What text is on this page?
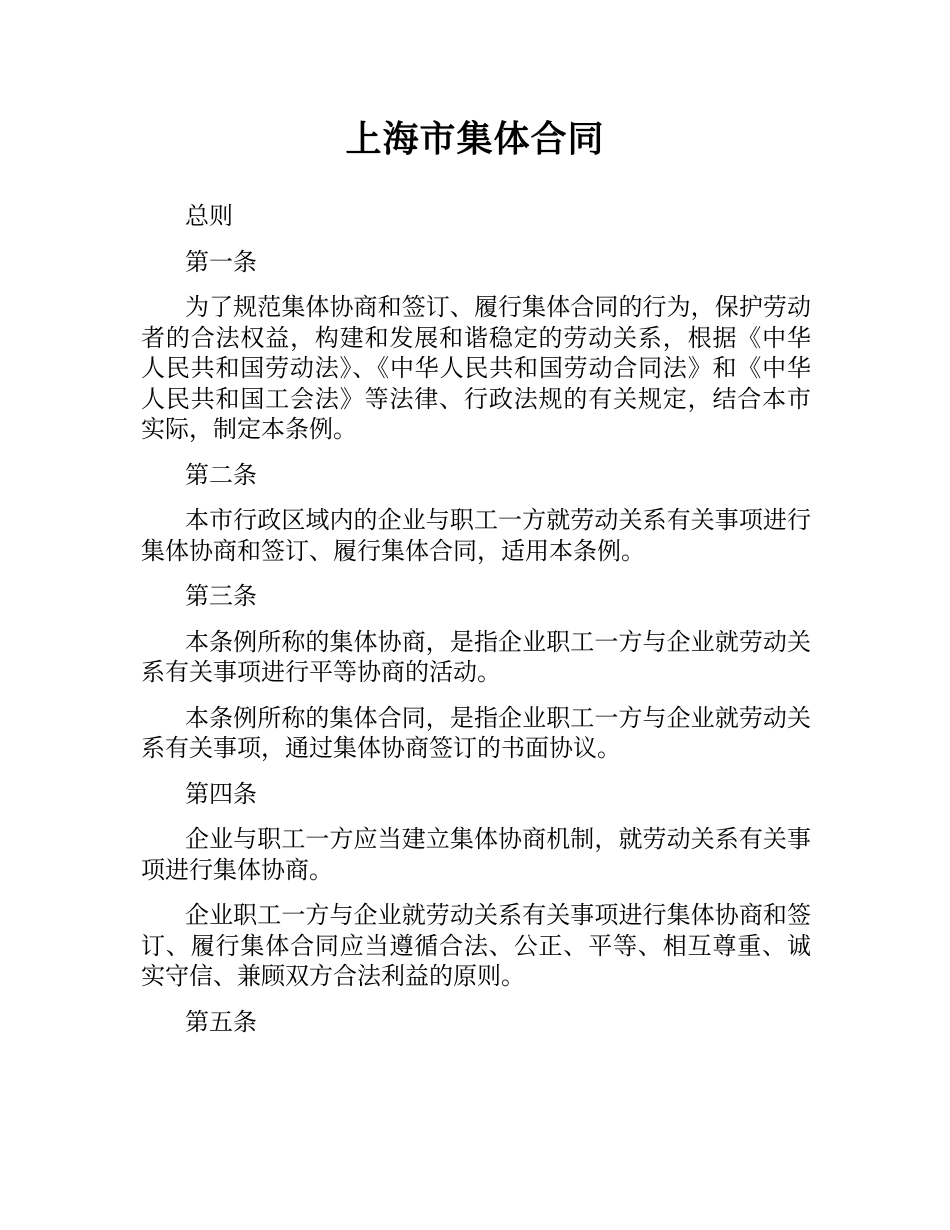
上海市集体合同

总则

第一条

为了规范集体协商和签订、履行集体合同的行为，保护劳动者的合法权益，构建和发展和谐稳定的劳动关系，根据《中华人民共和国劳动法》、《中华人民共和国劳动合同法》和《中华人民共和国工会法》等法律、行政法规的有关规定，结合本市实际，制定本条例。

第二条

本市行政区域内的企业与职工一方就劳动关系有关事项进行集体协商和签订、履行集体合同，适用本条例。

第三条

本条例所称的集体协商，是指企业职工一方与企业就劳动关系有关事项进行平等协商的活动。

本条例所称的集体合同，是指企业职工一方与企业就劳动关系有关事项，通过集体协商签订的书面协议。

第四条

企业与职工一方应当建立集体协商机制，就劳动关系有关事项进行集体协商。

企业职工一方与企业就劳动关系有关事项进行集体协商和签订、履行集体合同应当遵循合法、公正、平等、相互尊重、诚实守信、兼顾双方合法利益的原则。

第五条
